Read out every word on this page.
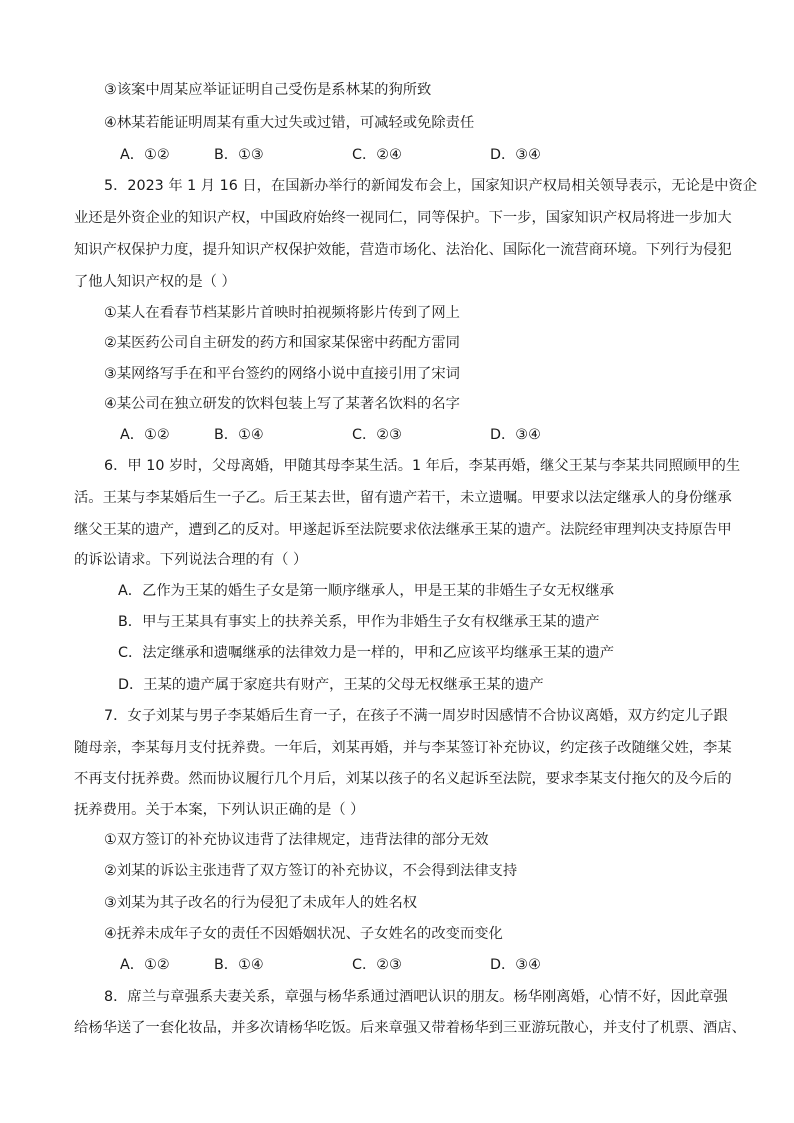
③该案中周某应举证证明自己受伤是系林某的狗所致
④林某若能证明周某有重大过失或过错，可减轻或免除责任
A．①②	B．①③	C．②④	D．③④
5．2023 年 1 月 16 日，在国新办举行的新闻发布会上，国家知识产权局相关领导表示，无论是中资企
业还是外资企业的知识产权，中国政府始终一视同仁，同等保护。下一步，国家知识产权局将进一步加大
知识产权保护力度，提升知识产权保护效能，营造市场化、法治化、国际化一流营商环境。下列行为侵犯
了他人知识产权的是（ ）
①某人在看春节档某影片首映时拍视频将影片传到了网上
②某医药公司自主研发的药方和国家某保密中药配方雷同
③某网络写手在和平台签约的网络小说中直接引用了宋词
④某公司在独立研发的饮料包装上写了某著名饮料的名字
A．①②	B．①④	C．②③	D．③④
6．甲 10 岁时，父母离婚，甲随其母李某生活。1 年后，李某再婚，继父王某与李某共同照顾甲的生
活。王某与李某婚后生一子乙。后王某去世，留有遗产若干，未立遗嘱。甲要求以法定继承人的身份继承
继父王某的遗产，遭到乙的反对。甲遂起诉至法院要求依法继承王某的遗产。法院经审理判决支持原告甲
的诉讼请求。下列说法合理的有（ ）
A．乙作为王某的婚生子女是第一顺序继承人，甲是王某的非婚生子女无权继承
B．甲与王某具有事实上的扶养关系，甲作为非婚生子女有权继承王某的遗产
C．法定继承和遗嘱继承的法律效力是一样的，甲和乙应该平均继承王某的遗产
D．王某的遗产属于家庭共有财产，王某的父母无权继承王某的遗产
7．女子刘某与男子李某婚后生育一子，在孩子不满一周岁时因感情不合协议离婚，双方约定儿子跟
随母亲，李某每月支付抚养费。一年后，刘某再婚，并与李某签订补充协议，约定孩子改随继父姓，李某
不再支付抚养费。然而协议履行几个月后，刘某以孩子的名义起诉至法院，要求李某支付拖欠的及今后的
抚养费用。关于本案，下列认识正确的是（ ）
①双方签订的补充协议违背了法律规定，违背法律的部分无效
②刘某的诉讼主张违背了双方签订的补充协议，不会得到法律支持
③刘某为其子改名的行为侵犯了未成年人的姓名权
④抚养未成年子女的责任不因婚姻状况、子女姓名的改变而变化
A．①②	B．①④	C．②③	D．③④
8．席兰与章强系夫妻关系，章强与杨华系通过酒吧认识的朋友。杨华刚离婚，心情不好，因此章强
给杨华送了一套化妆品，并多次请杨华吃饭。后来章强又带着杨华到三亚游玩散心，并支付了机票、酒店、
